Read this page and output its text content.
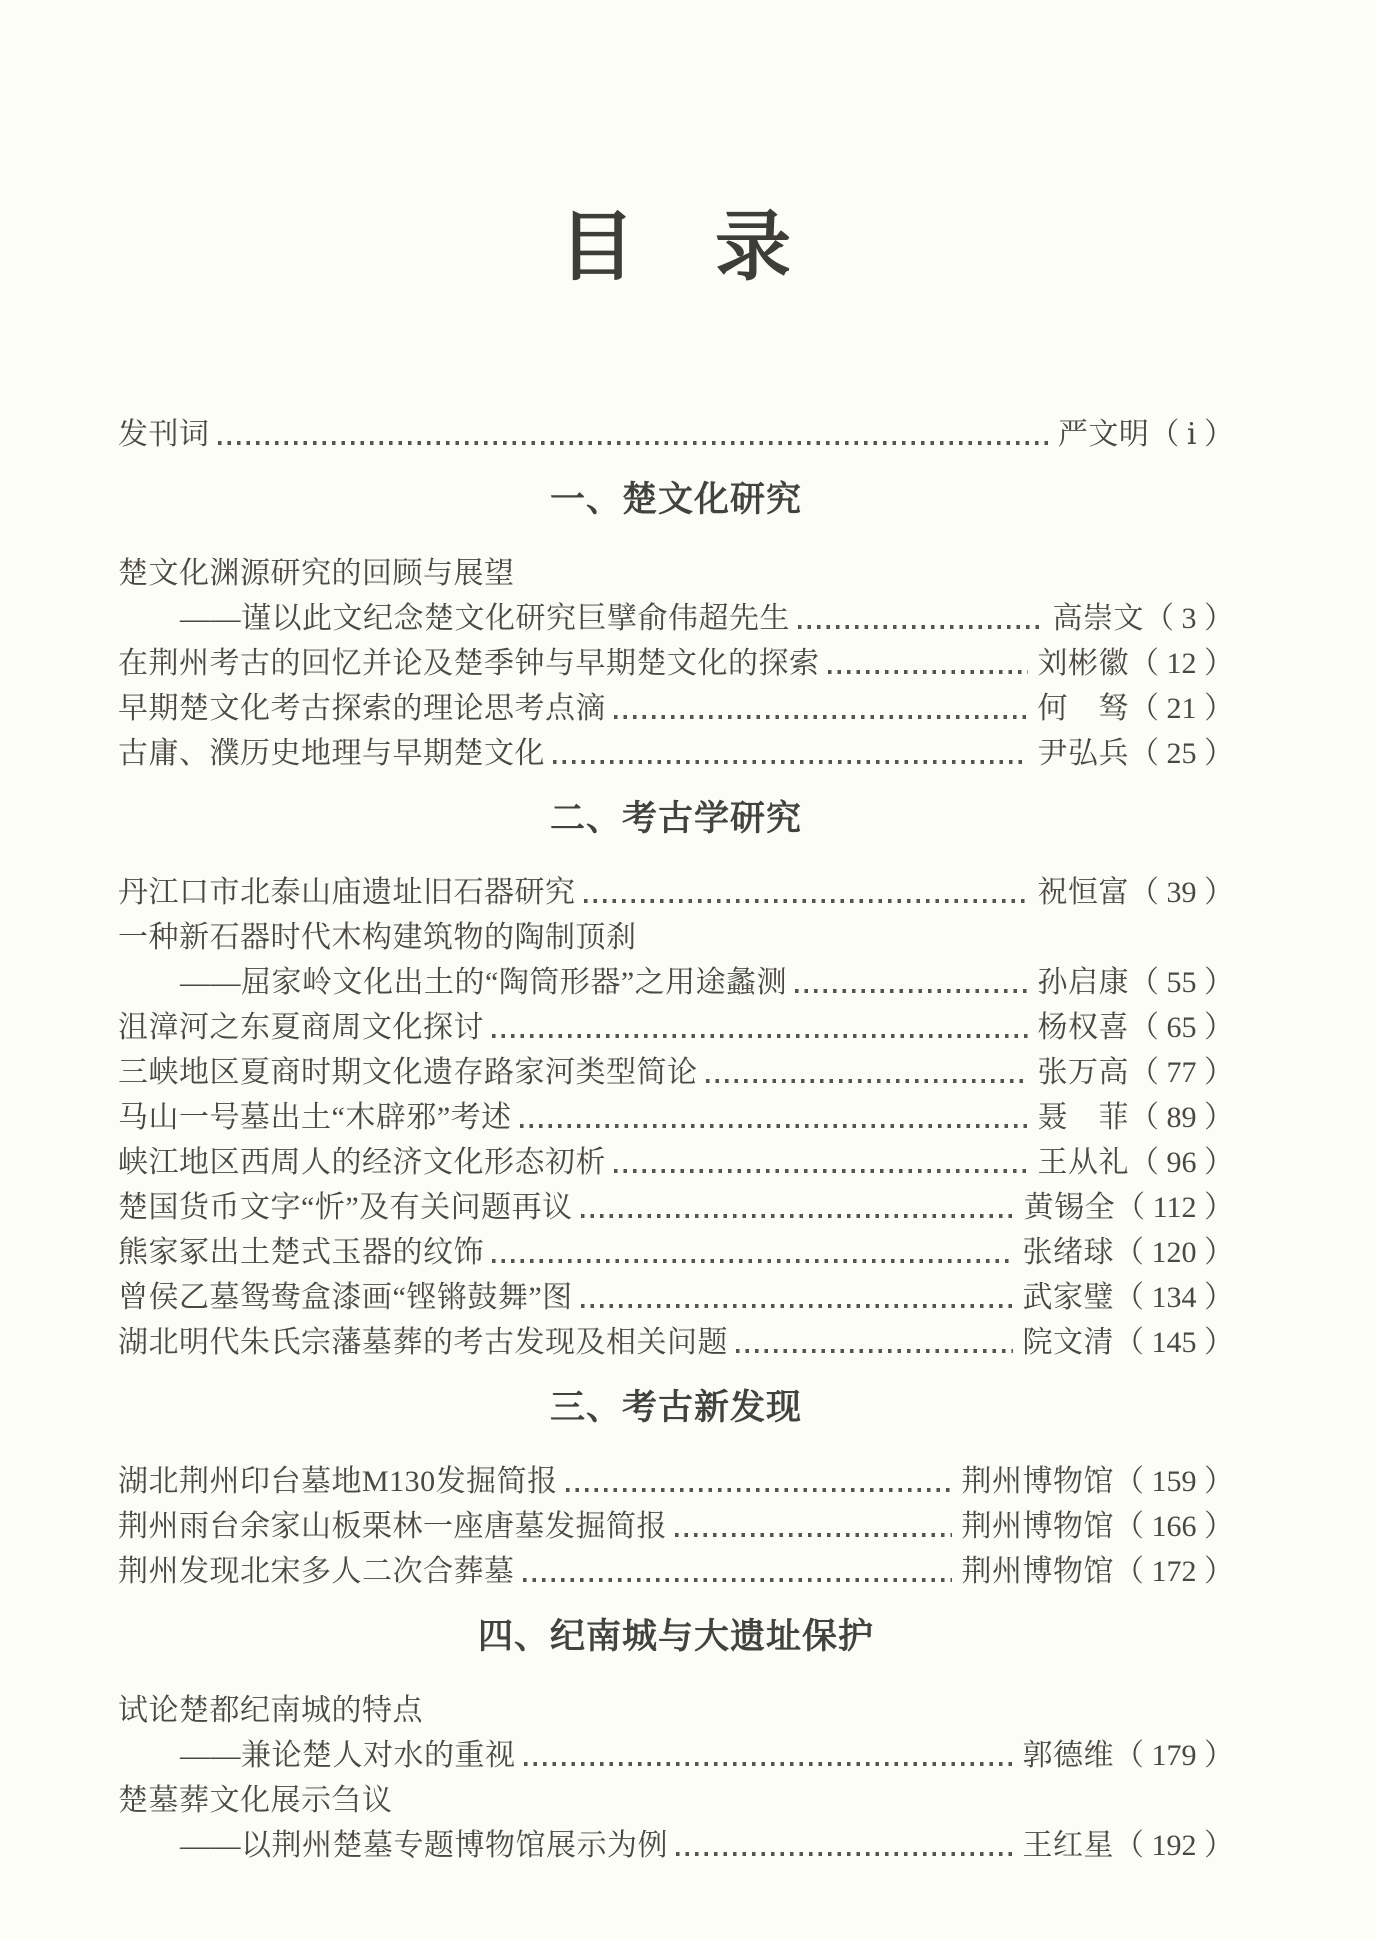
目　录
发刊词	严文明 （ ⅰ ）
一、楚文化研究
楚文化渊源研究的回顾与展望
——谨以此文纪念楚文化研究巨擘俞伟超先生	高崇文 （ 3 ）
在荆州考古的回忆并论及楚季钟与早期楚文化的探索	刘彬徽 （ 12 ）
早期楚文化考古探索的理论思考点滴	何　驽 （ 21 ）
古庸、濮历史地理与早期楚文化	尹弘兵 （ 25 ）
二、考古学研究
丹江口市北泰山庙遗址旧石器研究	祝恒富 （ 39 ）
一种新石器时代木构建筑物的陶制顶刹
——屈家岭文化出土的“陶筒形器”之用途蠡测	孙启康 （ 55 ）
沮漳河之东夏商周文化探讨	杨权喜 （ 65 ）
三峡地区夏商时期文化遗存路家河类型简论	张万高 （ 77 ）
马山一号墓出土“木辟邪”考述	聂　菲 （ 89 ）
峡江地区西周人的经济文化形态初析	王从礼 （ 96 ）
楚国货币文字“忻”及有关问题再议	黄锡全 （ 112 ）
熊家冢出土楚式玉器的纹饰	张绪球 （ 120 ）
曾侯乙墓鸳鸯盒漆画“铿锵鼓舞”图	武家璧 （ 134 ）
湖北明代朱氏宗藩墓葬的考古发现及相关问题	院文清 （ 145 ）
三、考古新发现
湖北荆州印台墓地M130发掘简报	荆州博物馆 （ 159 ）
荆州雨台余家山板栗林一座唐墓发掘简报	荆州博物馆 （ 166 ）
荆州发现北宋多人二次合葬墓	荆州博物馆 （ 172 ）
四、纪南城与大遗址保护
试论楚都纪南城的特点
——兼论楚人对水的重视	郭德维 （ 179 ）
楚墓葬文化展示刍议
——以荆州楚墓专题博物馆展示为例	王红星 （ 192 ）
